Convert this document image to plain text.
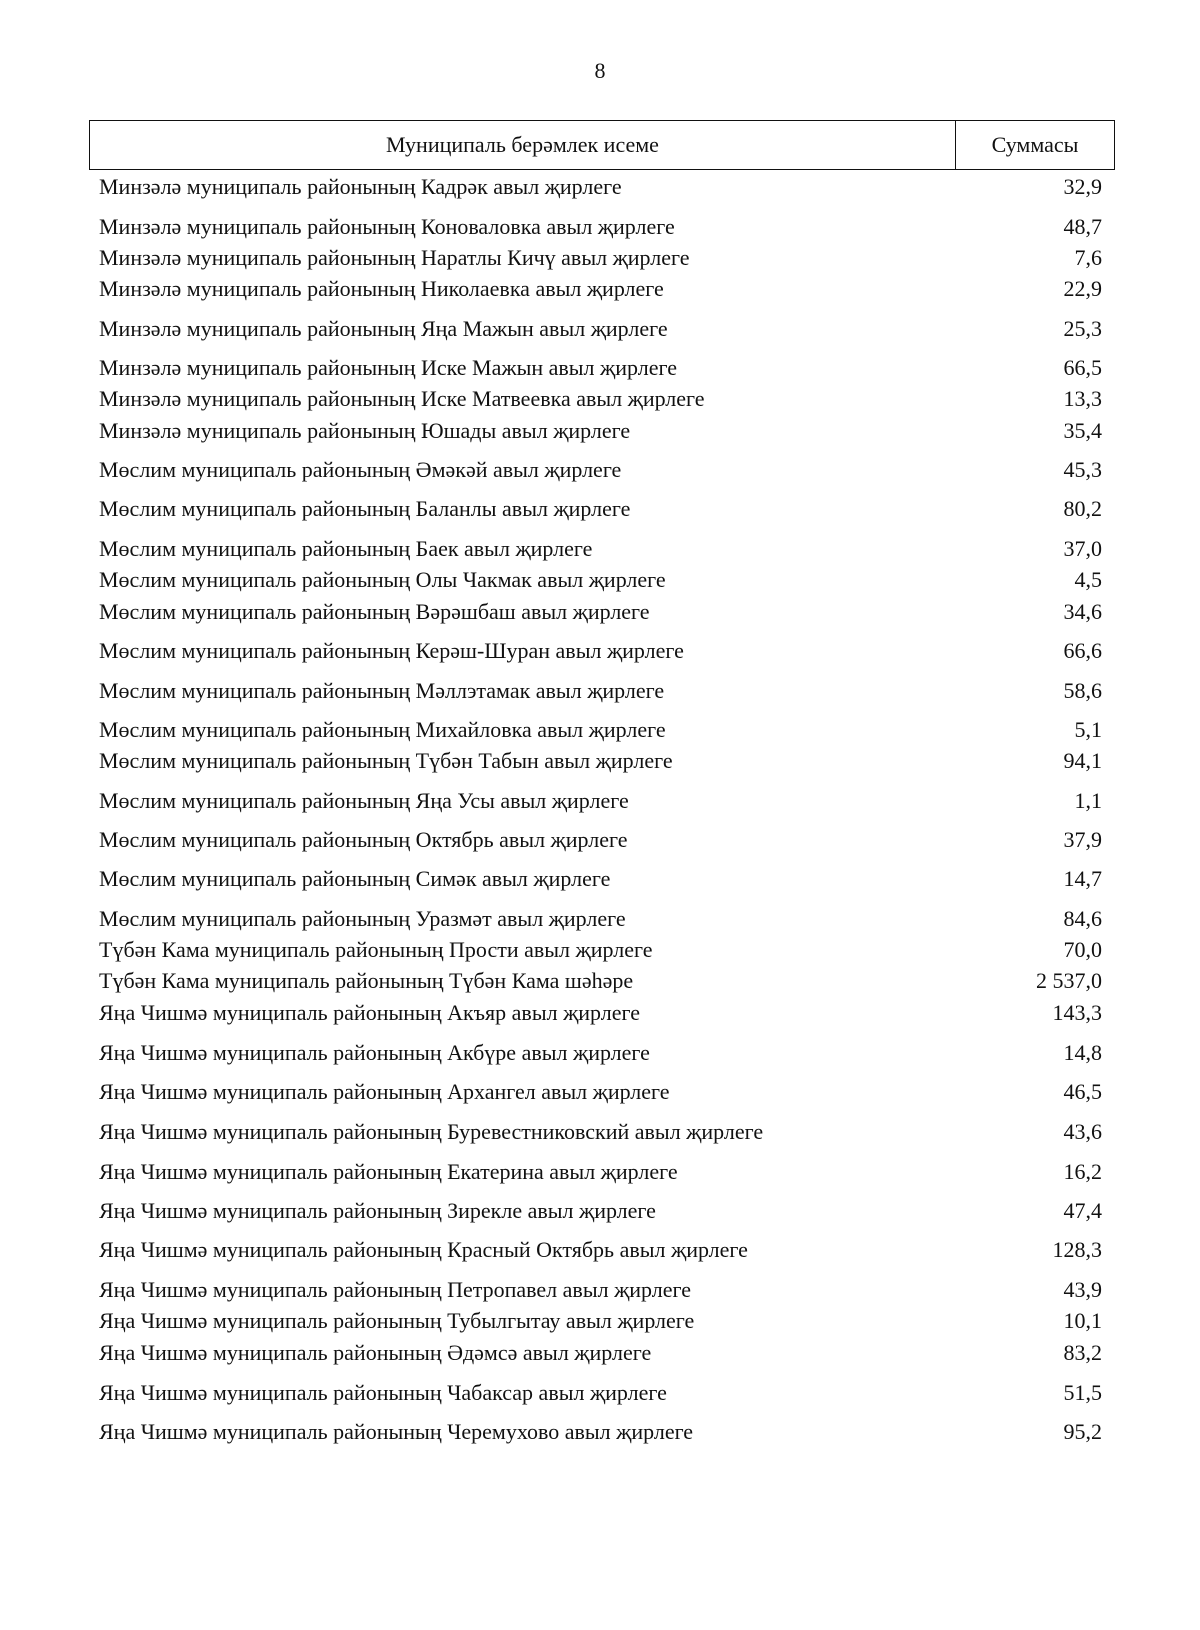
8
Муниципаль берәмлек исеме	Суммасы
Минзәлә муниципаль районының Кадрәк авыл җирлеге	32,9
Минзәлә муниципаль районының Коноваловка авыл җирлеге	48,7
Минзәлә муниципаль районының Наратлы Кичү авыл җирлеге	7,6
Минзәлә муниципаль районының Николаевка авыл җирлеге	22,9
Минзәлә муниципаль районының Яңа Мажын авыл җирлеге	25,3
Минзәлә муниципаль районының Иске Мажын авыл җирлеге	66,5
Минзәлә муниципаль районының Иске Матвеевка авыл җирлеге	13,3
Минзәлә муниципаль районының Юшады авыл җирлеге	35,4
Мөслим муниципаль районының Әмәкәй авыл җирлеге	45,3
Мөслим муниципаль районының Баланлы авыл җирлеге	80,2
Мөслим муниципаль районының Баек авыл җирлеге	37,0
Мөслим муниципаль районының Олы Чакмак авыл җирлеге	4,5
Мөслим муниципаль районының Вәрәшбаш авыл җирлеге	34,6
Мөслим муниципаль районының Керәш-Шуран авыл җирлеге	66,6
Мөслим муниципаль районының Мәллэтамак авыл җирлеге	58,6
Мөслим муниципаль районының Михайловка авыл җирлеге	5,1
Мөслим муниципаль районының Түбән Табын авыл җирлеге	94,1
Мөслим муниципаль районының Яңа Усы авыл җирлеге	1,1
Мөслим муниципаль районының Октябрь авыл җирлеге	37,9
Мөслим муниципаль районының Симәк авыл җирлеге	14,7
Мөслим муниципаль районының Уразмәт авыл җирлеге	84,6
Түбән Кама муниципаль районының Прости авыл җирлеге	70,0
Түбән Кама муниципаль районының Түбән Кама шәһәре	2 537,0
Яңа Чишмә муниципаль районының Акъяр авыл җирлеге	143,3
Яңа Чишмә муниципаль районының Акбүре авыл җирлеге	14,8
Яңа Чишмә муниципаль районының Архангел авыл җирлеге	46,5
Яңа Чишмә муниципаль районының Буревестниковский авыл җирлеге	43,6
Яңа Чишмә муниципаль районының Екатерина авыл җирлеге	16,2
Яңа Чишмә муниципаль районының Зирекле авыл җирлеге	47,4
Яңа Чишмә муниципаль районының Красный Октябрь авыл җирлеге	128,3
Яңа Чишмә муниципаль районының Петропавел авыл җирлеге	43,9
Яңа Чишмә муниципаль районының Тубылгытау авыл җирлеге	10,1
Яңа Чишмә муниципаль районының Әдәмсә авыл җирлеге	83,2
Яңа Чишмә муниципаль районының Чабаксар авыл җирлеге	51,5
Яңа Чишмә муниципаль районының Черемухово авыл җирлеге	95,2
